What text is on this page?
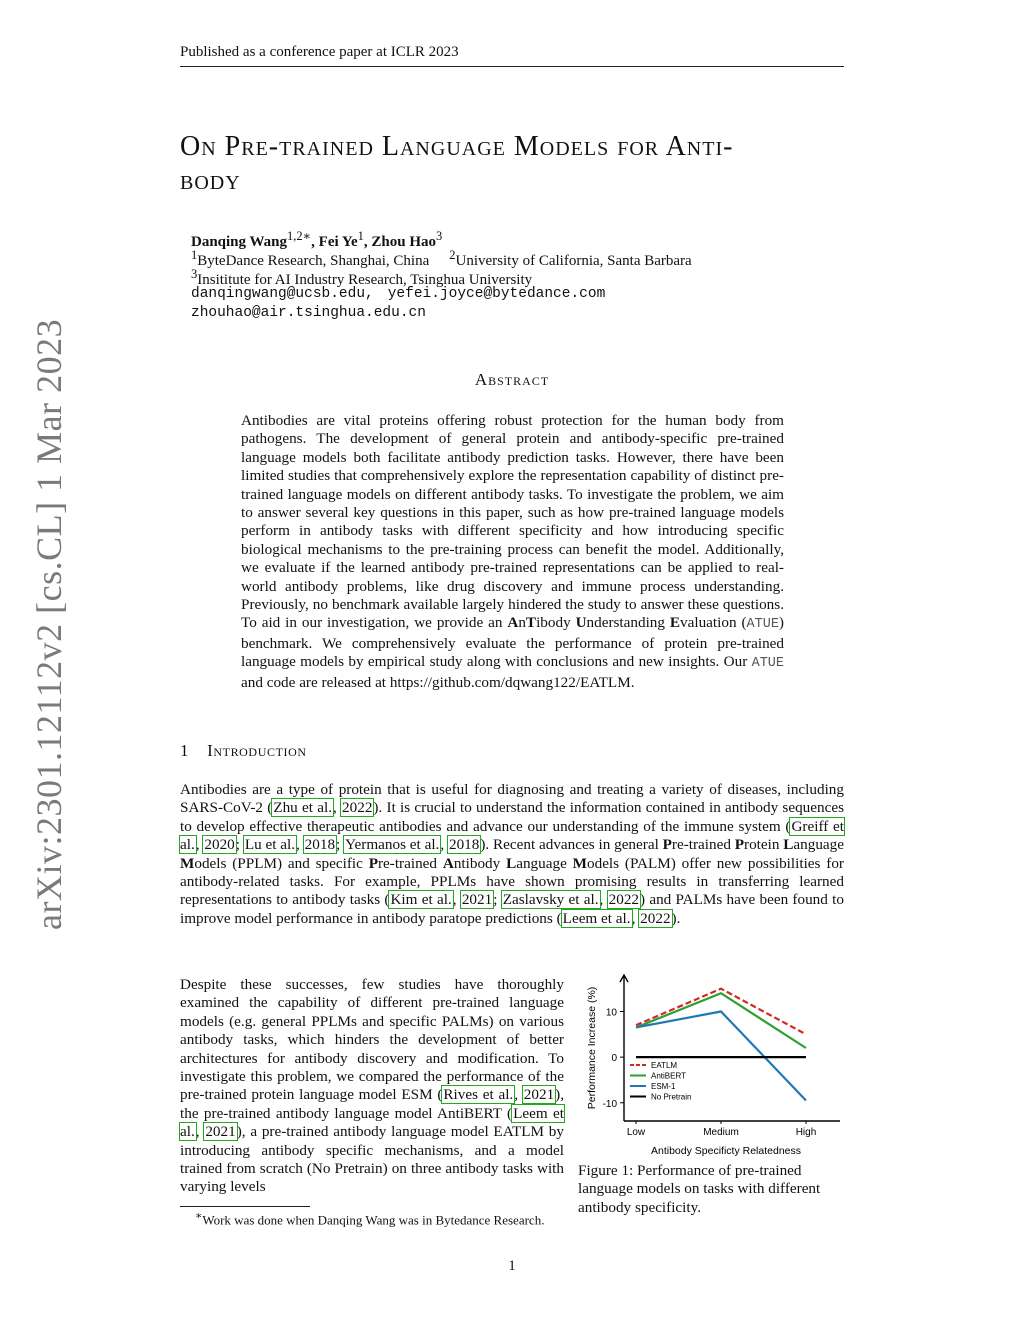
Published as a conference paper at ICLR 2023
arXiv:2301.12112v2 [cs.CL] 1 Mar 2023
On Pre-trained Language Models for Anti-
body
Danqing Wang$^{1,2∗}$, Fei Ye$^1$, Zhou Hao$^3$
$^1$ByteDance Research, Shanghai, China $^2$University of California, Santa Barbara
$^3$Insititute for AI Industry Research, Tsinghua University
danqingwang@ucsb.edu, yefei.joyce@bytedance.com
zhouhao@air.tsinghua.edu.cn
Abstract
Antibodies are vital proteins offering robust protection for the human body from pathogens. The development of general protein and antibody-specific pre-trained language models both facilitate antibody prediction tasks. However, there have been limited studies that comprehensively explore the representation capability of distinct pre-trained language models on different antibody tasks. To investigate the problem, we aim to answer several key questions in this paper, such as how pre-trained language models perform in antibody tasks with different specificity and how introducing specific biological mechanisms to the pre-training process can benefit the model. Additionally, we evaluate if the learned antibody pre-trained representations can be applied to real-world antibody problems, like drug discovery and immune process understanding. Previously, no benchmark available largely hindered the study to answer these questions. To aid in our investigation, we provide an AnTibody Understanding Evaluation (ATUE) benchmark. We comprehensively evaluate the performance of protein pre-trained language models by empirical study along with conclusions and new insights. Our ATUE and code are released at https://github.com/dqwang122/EATLM.
1 Introduction
Antibodies are a type of protein that is useful for diagnosing and treating a variety of diseases, including SARS-CoV-2 (Zhu et al., 2022). It is crucial to understand the information contained in antibody sequences to develop effective therapeutic antibodies and advance our understanding of the immune system (Greiff et al., 2020; Lu et al., 2018; Yermanos et al., 2018). Recent advances in general Pre-trained Protein Language Models (PPLM) and specific Pre-trained Antibody Language Models (PALM) offer new possibilities for antibody-related tasks. For example, PPLMs have shown promising results in transferring learned representations to antibody tasks (Kim et al., 2021; Zaslavsky et al., 2022) and PALMs have been found to improve model performance in antibody paratope predictions (Leem et al., 2022).
Despite these successes, few studies have thoroughly examined the capability of different pre-trained language models (e.g. general PPLMs and specific PALMs) on various antibody tasks, which hinders the development of better architectures for antibody discovery and modification. To investigate this problem, we compared the performance of the pre-trained protein language model ESM (Rives et al., 2021), the pre-trained antibody language model AntiBERT (Leem et al., 2021), a pre-trained antibody language model EATLM by introducing antibody specific mechanisms, and a model trained from scratch (No Pretrain) on three antibody tasks with varying levels
-10
0
10
Low	Medium	High
Antibody Specificty Relatedness
Performance Increase (%)	EATLM
AntiBERT
ESM-1
No Pretrain
Figure 1: Performance of pre-trained language models on tasks with different antibody specificity.
∗Work was done when Danqing Wang was in Bytedance Research.
1
